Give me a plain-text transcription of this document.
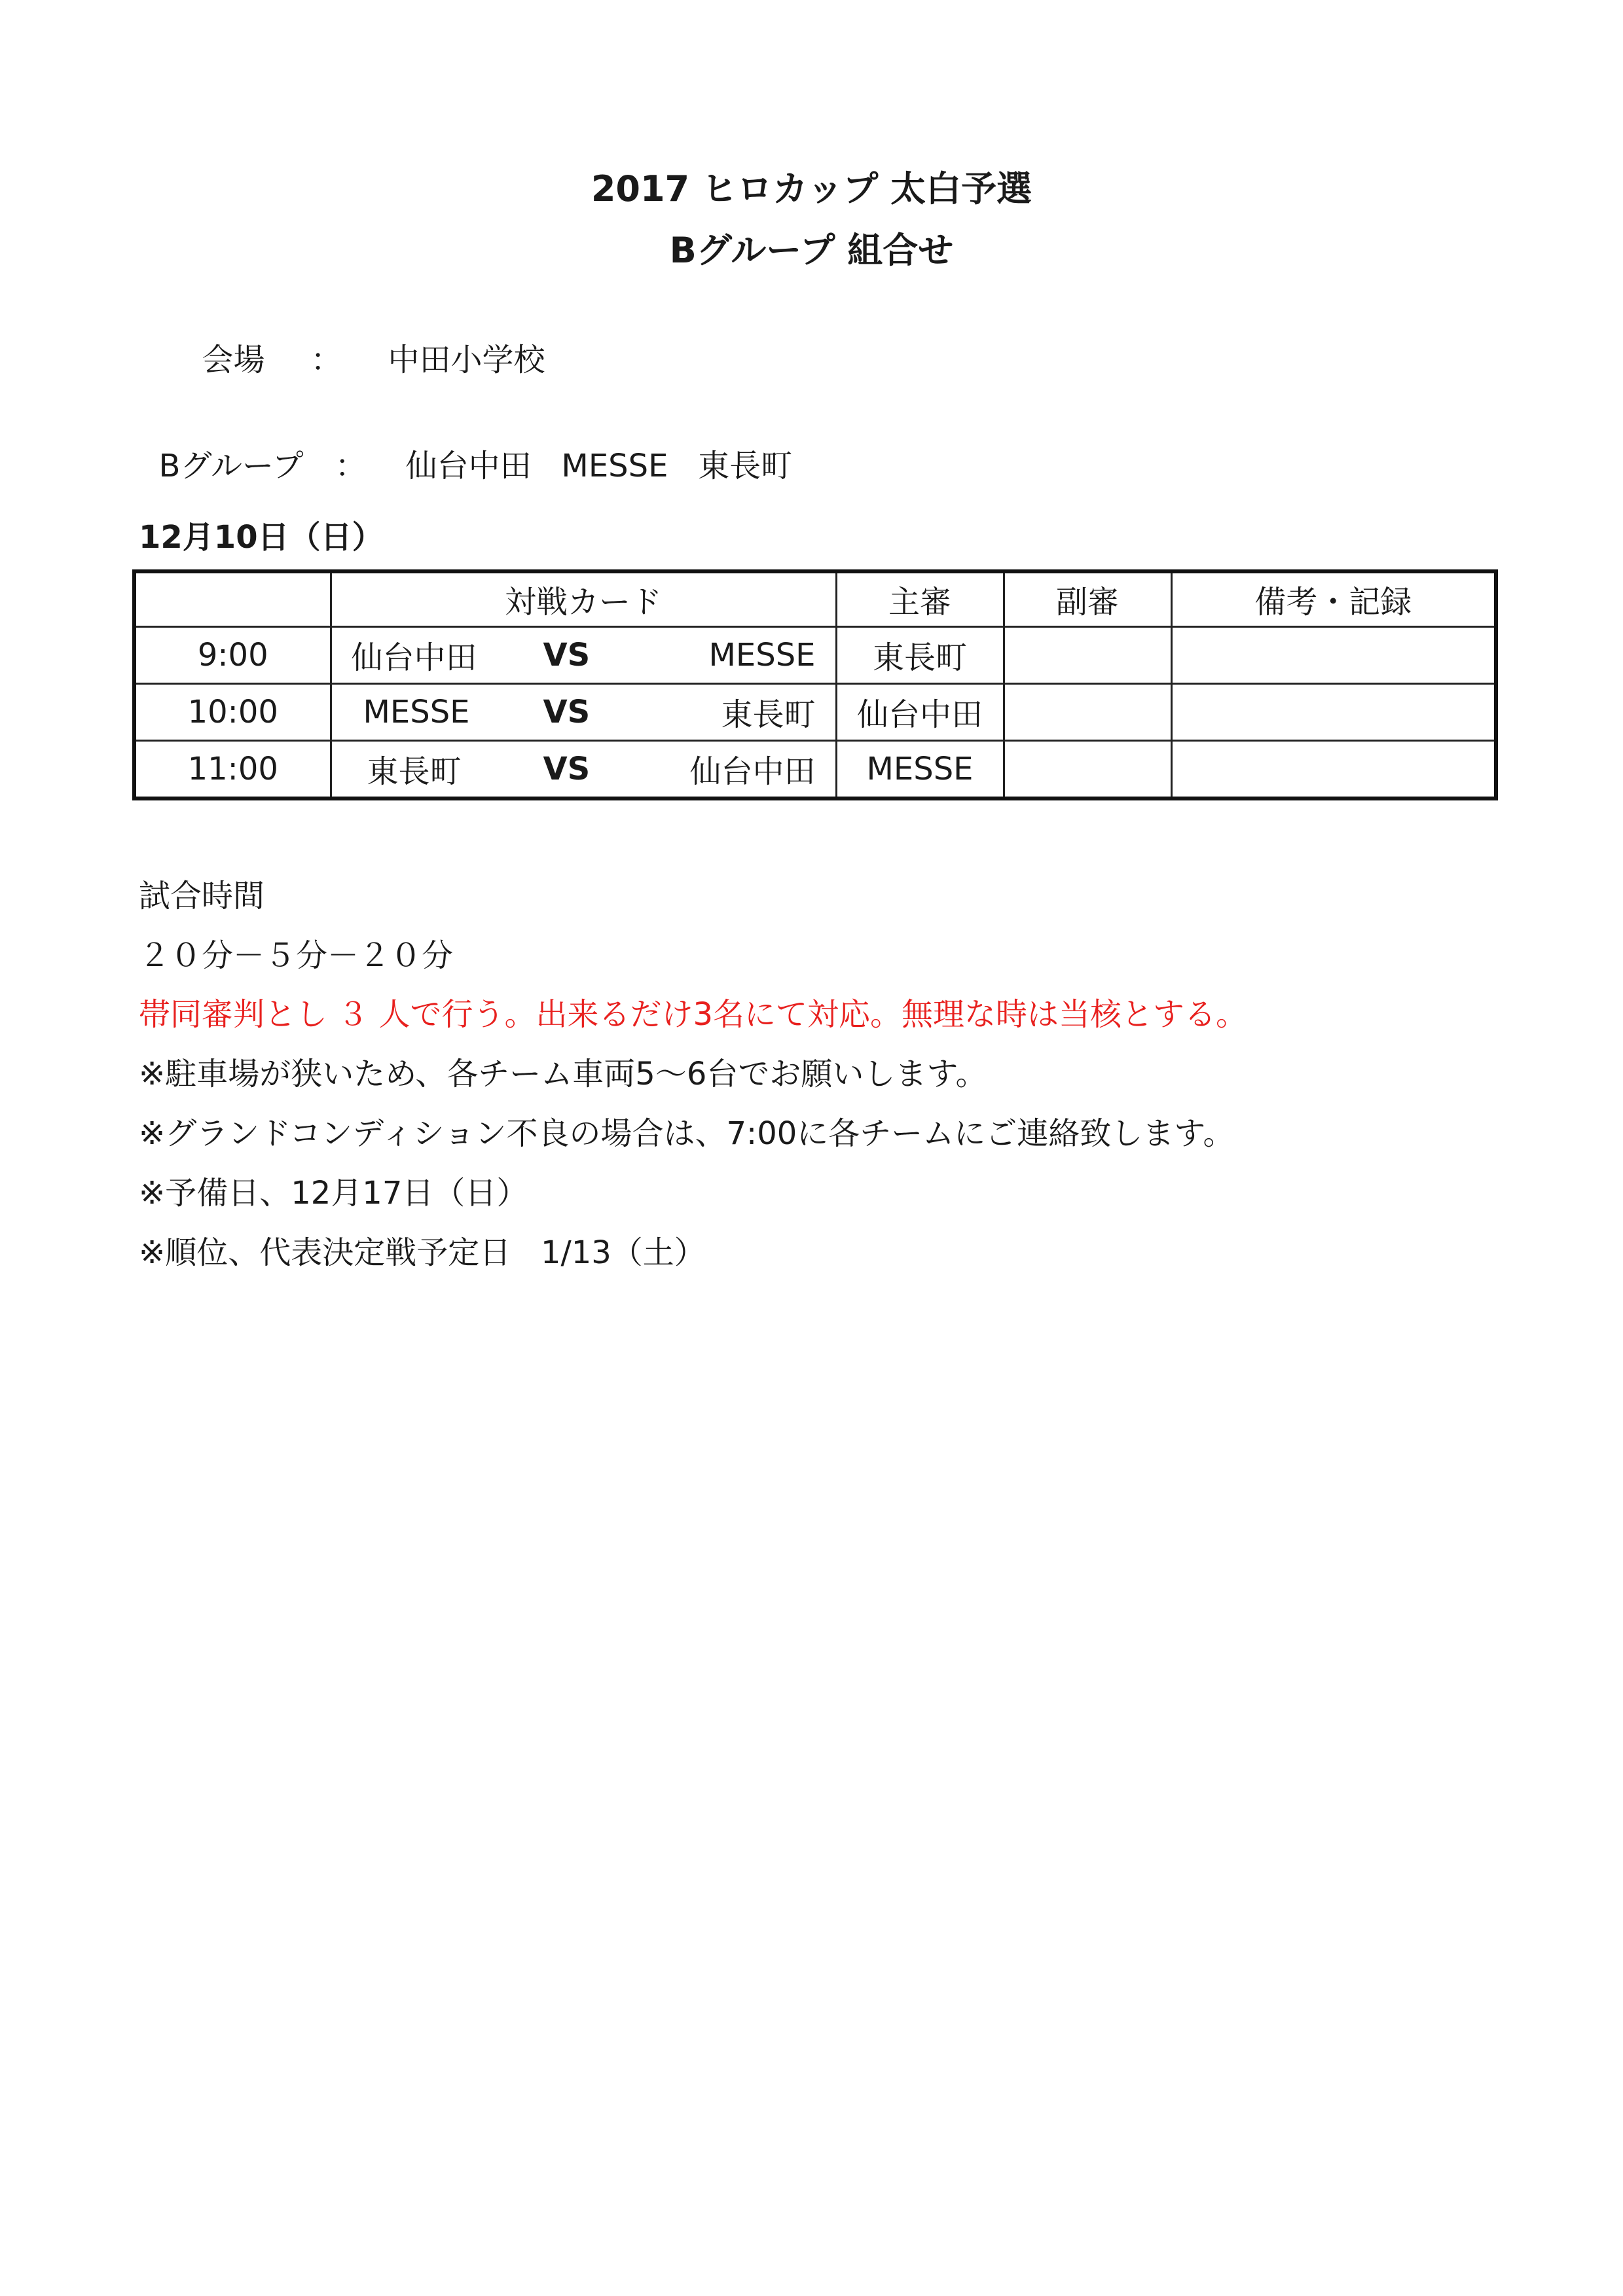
2017 ヒロカップ 太白予選
Bグループ 組合せ

会場 ： 中田小学校

Bグループ ： 仙台中田   MESSE   東長町

12月10日（日）
	対戦カード	主審	副審	備考・記録
9:00	仙台中田 VS MESSE	東長町		
10:00	MESSE VS 東長町	仙台中田		
11:00	東長町 VS 仙台中田	MESSE		
試合時間
２０分－５分－２０分
帯同審判とし ３ 人で行う。出来るだけ3名にて対応。無理な時は当核とする。
※駐車場が狭いため、各チーム車両5～6台でお願いします。
※グランドコンディション不良の場合は、7:00に各チームにご連絡致します。
※予備日、12月17日（日）
※順位、代表決定戦予定日   1/13（土）
